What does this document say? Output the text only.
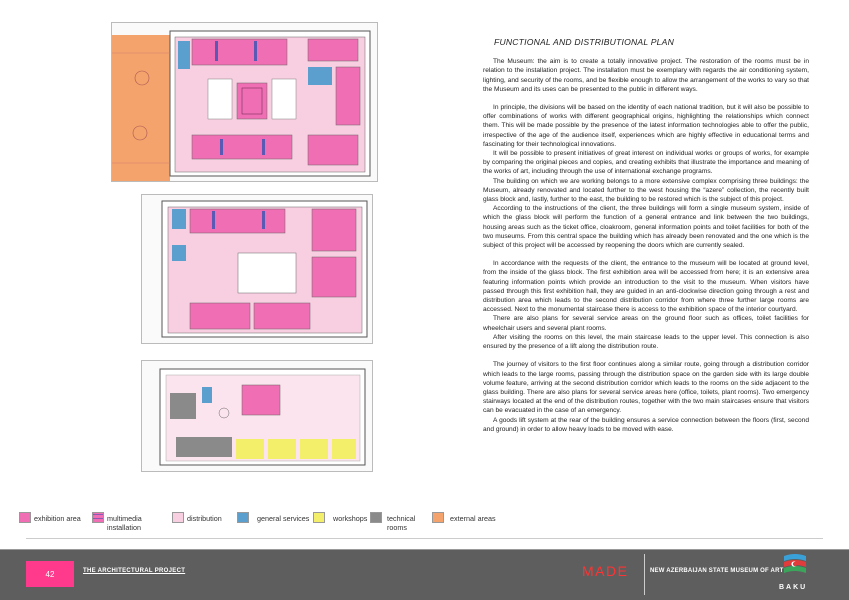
FUNCTIONAL AND DISTRIBUTIONAL PLAN

The Museum: the aim is to create a totally innovative project. The restoration of the rooms must be in relation to the installation project. The installation must be exemplary with regards the air conditioning system, lighting, and security of the rooms, and be flexible enough to allow the arrangement of the works to vary so that the Museum and its uses can be presented to the public in different ways.

In principle, the divisions will be based on the identity of each national tradition, but it will also be possible to offer combinations of works with different geographical origins, highlighting the relationships which connect them. This will be made possible by the presence of the latest information technologies able to offer the public, irrespective of the age of the audience itself, experiences which are highly effective in educational terms and fascinating for their technological innovations.

It will be possible to present initiatives of great interest on individual works or groups of works, for example by comparing the original pieces and copies, and creating exhibits that illustrate the importance and meaning of the works of art, including through the use of international exchange programs.

The building on which we are working belongs to a more extensive complex comprising three buildings: the Museum, already renovated and located further to the west housing the “azere” collection, the recently built glass block and, lastly, further to the east, the building to be restored which is the subject of this project.

According to the instructions of the client, the three buildings will form a single museum system, inside of which the glass block will perform the function of a general entrance and link between the two buildings, housing areas such as the ticket office, cloakroom, general information points and toilet facilities for both of the two museums. From this central space the building which has already been renovated and the one which is the subject of this project will be accessed by reopening the doors which are currently sealed.

In accordance with the requests of the client, the entrance to the museum will be located at ground level, from the inside of the glass block. The first exhibition area will be accessed from here; it is an extensive area featuring information points which provide an introduction to the visit to the museum. When visitors have passed through this first exhibition hall, they are guided in an anti-clockwise direction going through a rest and distribution area which leads to the second distribution corridor from where three further large rooms are accessed. Next to the monumental staircase there is access to the exhibition space of the interior courtyard.

There are also plans for several service areas on the ground floor such as offices, toilet facilities for wheelchair users and several plant rooms.

After visiting the rooms on this level, the main staircase leads to the upper level. This connection is also ensured by the presence of a lift along the distribution route.

The journey of visitors to the first floor continues along a similar route, going through a distribution corridor which leads to the large rooms, passing through the distribution space on the garden side with its large double volume feature, arriving at the second distribution corridor which leads to the rooms on the side adjacent to the glass building. There are also plans for several service areas here (office, toilets, plant rooms). Two emergency stairways located at the end of the distribution routes, together with the two main staircases ensure that visitors can be evacuated in the case of an emergency.

A goods lift system at the rear of the building ensures a service connection between the floors (first, second and ground) in order to allow heavy loads to be moved with ease.

exhibition area	multimedia installation
distribution	general services	workshops	technical rooms
external areas
42	THE ARCHITECTURAL PROJECT	MADE	NEW AZERBAIJAN STATE MUSEUM OF ART
BAKU
